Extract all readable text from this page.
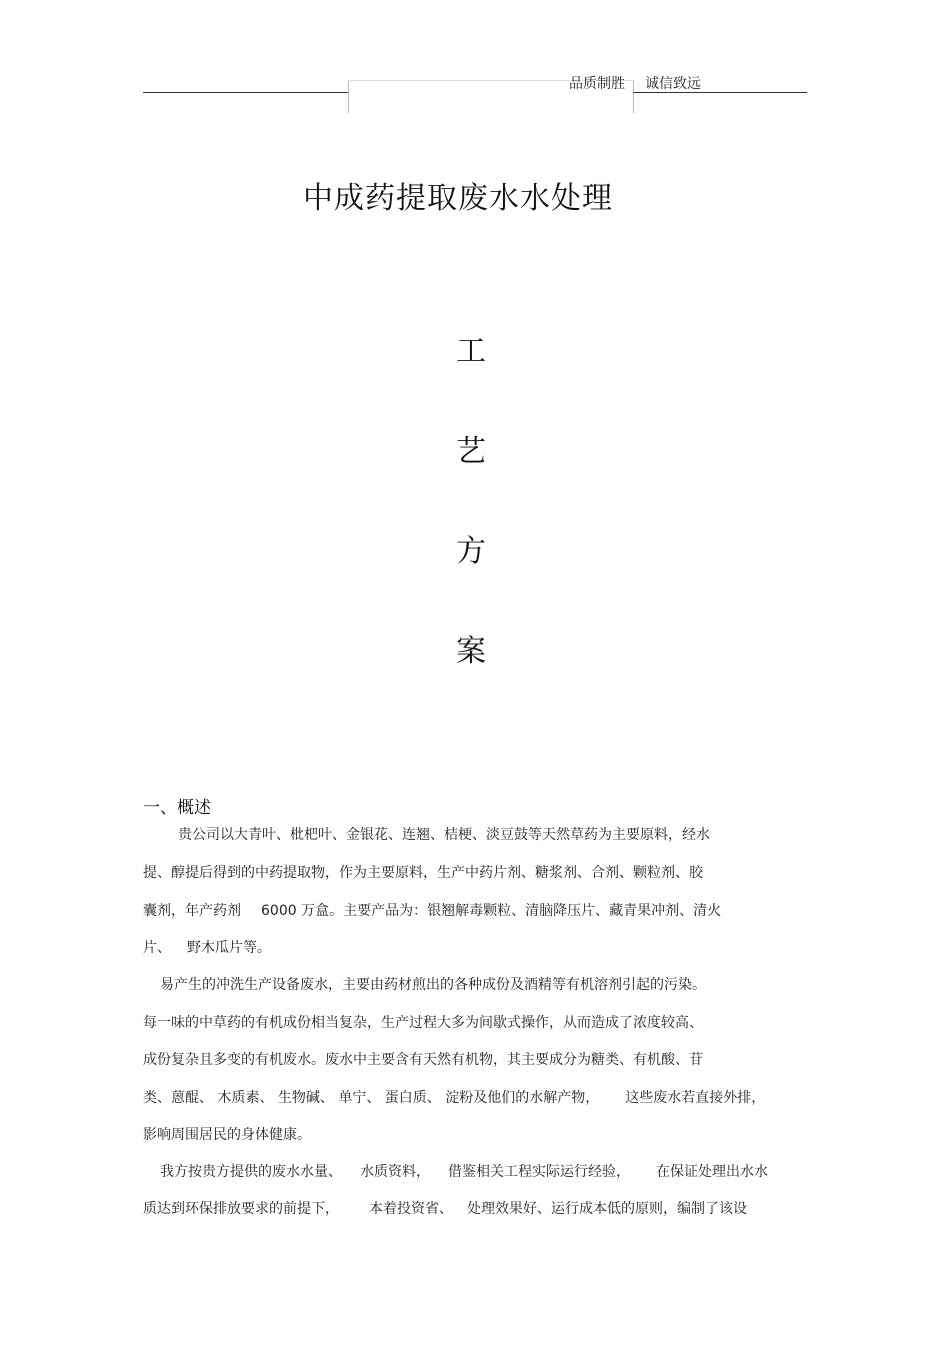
品质制胜 诚信致远
中成药提取废水水处理
工
艺
方
案
一、概述
贵公司以大青叶、枇杷叶、金银花、连翘、桔梗、淡豆鼓等天然草药为主要原料，经水
提、醇提后得到的中药提取物，作为主要原料，生产中药片剂、糖浆剂、合剂、颗粒剂、胶
囊剂，年产药剂 6000 万盒。主要产品为：银翘解毒颗粒、清脑降压片、藏青果冲剂、清火
片、 野木瓜片等。
易产生的冲洗生产设备废水，主要由药材煎出的各种成份及酒精等有机溶剂引起的污染。
每一味的中草药的有机成份相当复杂，生产过程大多为间歇式操作，从而造成了浓度较高、
成份复杂且多变的有机废水。废水中主要含有天然有机物，其主要成分为糖类、有机酸、苷
类、蒽醌、 木质素、 生物碱、 单宁、 蛋白质、 淀粉及他们的水解产物， 这些废水若直接外排，
影响周围居民的身体健康。
我方按贵方提供的废水水量、 水质资料， 借鉴相关工程实际运行经验， 在保证处理出水水
质达到环保排放要求的前提下， 本着投资省、 处理效果好、运行成本低的原则，编制了该设
